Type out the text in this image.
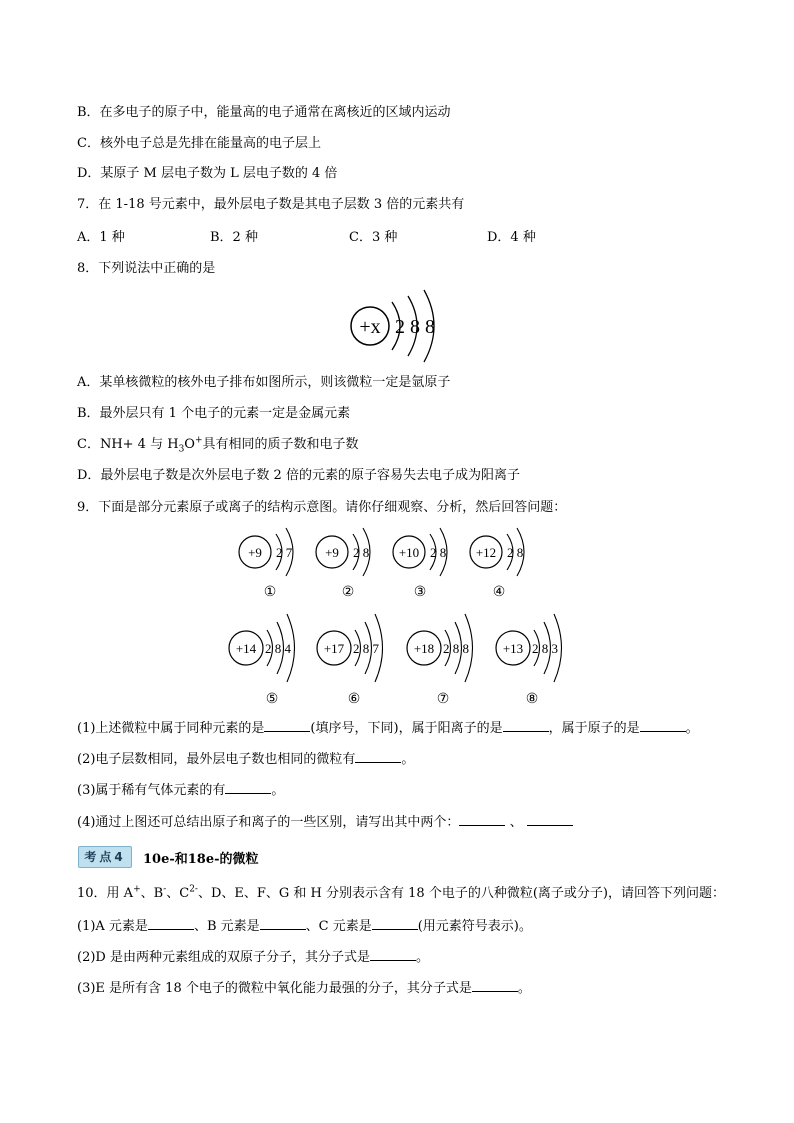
B．在多电子的原子中，能量高的电子通常在离核近的区域内运动
C．核外电子总是先排在能量高的电子层上
D．某原子 M 层电子数为 L 层电子数的 4 倍
7．在 1-18 号元素中，最外层电子数是其电子层数 3 倍的元素共有
A．1 种	B．2 种	C．3 种	D．4 种
8．下列说法中正确的是
+x 2 8 8
A．某单核微粒的核外电子排布如图所示，则该微粒一定是氩原子
B．最外层只有 1 个电子的元素一定是金属元素
C．NH+ 4 与 $H_3O^+$具有相同的质子数和电子数
D．最外层电子数是次外层电子数 2 倍的元素的原子容易失去电子成为阳离子
9．下面是部分元素原子或离子的结构示意图。请你仔细观察、分析，然后回答问题：
+9 2 7	+9 2 8 +10 2 8 +12 2 8
①	②	③	④
+14 2 8 4	+17 2 8 7	+18 2 8 8	+13 2 8 3
⑤	⑥	⑦	⑧
(1)上述微粒中属于同种元素的是	(填序号，下同)，属于阳离子的是	，属于原子的是	。
(2)电子层数相同，最外层电子数也相同的微粒有	。
(3)属于稀有气体元素的有	。
(4)通过上图还可总结出原子和离子的一些区别，请写出其中两个：	、
考点4	10e-和18e-的微粒
10．用 A+、B-、$C^{2-}$、D、E、F、G 和 H 分别表示含有 18 个电子的八种微粒(离子或分子)，请回答下列问题：
(1)A 元素是	、B 元素是	、C 元素是	(用元素符号表示)。
(2)D 是由两种元素组成的双原子分子，其分子式是	。
(3)E 是所有含 18 个电子的微粒中氧化能力最强的分子，其分子式是	。
